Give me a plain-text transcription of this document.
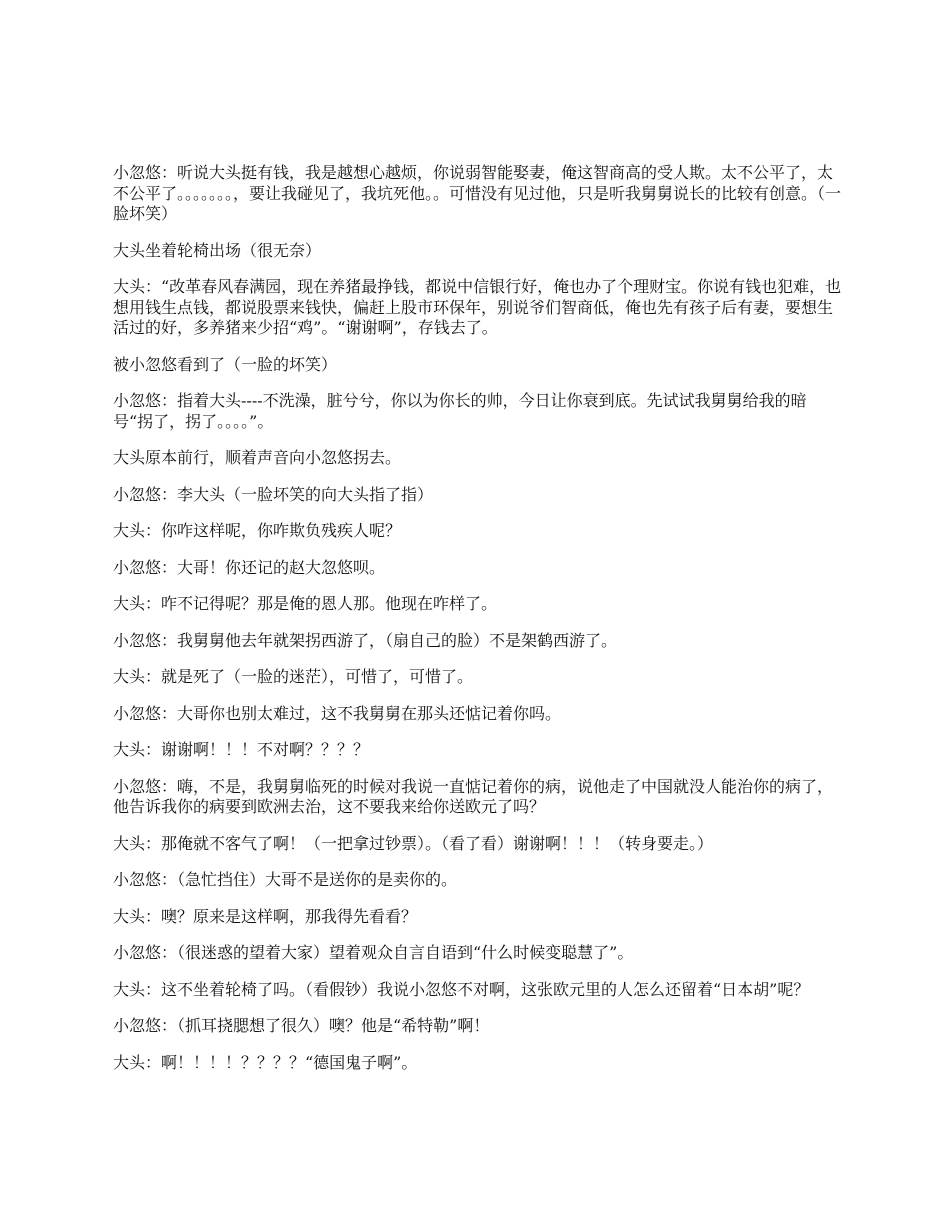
小忽悠：听说大头挺有钱，我是越想心越烦，你说弱智能娶妻，俺这智商高的受人欺。太不公平了，太不公平了。。。。。。。，要让我碰见了，我坑死他。。可惜没有见过他，只是听我舅舅说长的比较有创意。（一脸坏笑）

大头坐着轮椅出场（很无奈）

大头：“改革春风春满园，现在养猪最挣钱，都说中信银行好，俺也办了个理财宝。你说有钱也犯难，也想用钱生点钱，都说股票来钱快，偏赶上股市环保年，别说爷们智商低，俺也先有孩子后有妻，要想生活过的好，多养猪来少招“鸡”。“谢谢啊”，存钱去了。

被小忽悠看到了（一脸的坏笑）

小忽悠：指着大头----不洗澡，脏兮兮，你以为你长的帅，今日让你衰到底。先试试我舅舅给我的暗号“拐了，拐了。。。。”。

大头原本前行，顺着声音向小忽悠拐去。

小忽悠：李大头（一脸坏笑的向大头指了指）

大头：你咋这样呢，你咋欺负残疾人呢？

小忽悠：大哥！你还记的赵大忽悠呗。

大头：咋不记得呢？那是俺的恩人那。他现在咋样了。

小忽悠：我舅舅他去年就架拐西游了，（扇自己的脸）不是架鹤西游了。

大头：就是死了（一脸的迷茫），可惜了，可惜了。

小忽悠：大哥你也别太难过，这不我舅舅在那头还惦记着你吗。

大头：谢谢啊！！！不对啊？？？？

小忽悠：嗨，不是，我舅舅临死的时候对我说一直惦记着你的病，说他走了中国就没人能治你的病了，他告诉我你的病要到欧洲去治，这不要我来给你送欧元了吗？

大头：那俺就不客气了啊！（一把拿过钞票）。（看了看）谢谢啊！！！（转身要走。）

小忽悠：（急忙挡住）大哥不是送你的是卖你的。

大头：噢？原来是这样啊，那我得先看看？

小忽悠：（很迷惑的望着大家）望着观众自言自语到“什么时候变聪慧了”。

大头：这不坐着轮椅了吗。（看假钞）我说小忽悠不对啊，这张欧元里的人怎么还留着“日本胡”呢？

小忽悠：（抓耳挠腮想了很久）噢？他是“希特勒”啊！

大头：啊！！！！？？？？“德国鬼子啊”。
